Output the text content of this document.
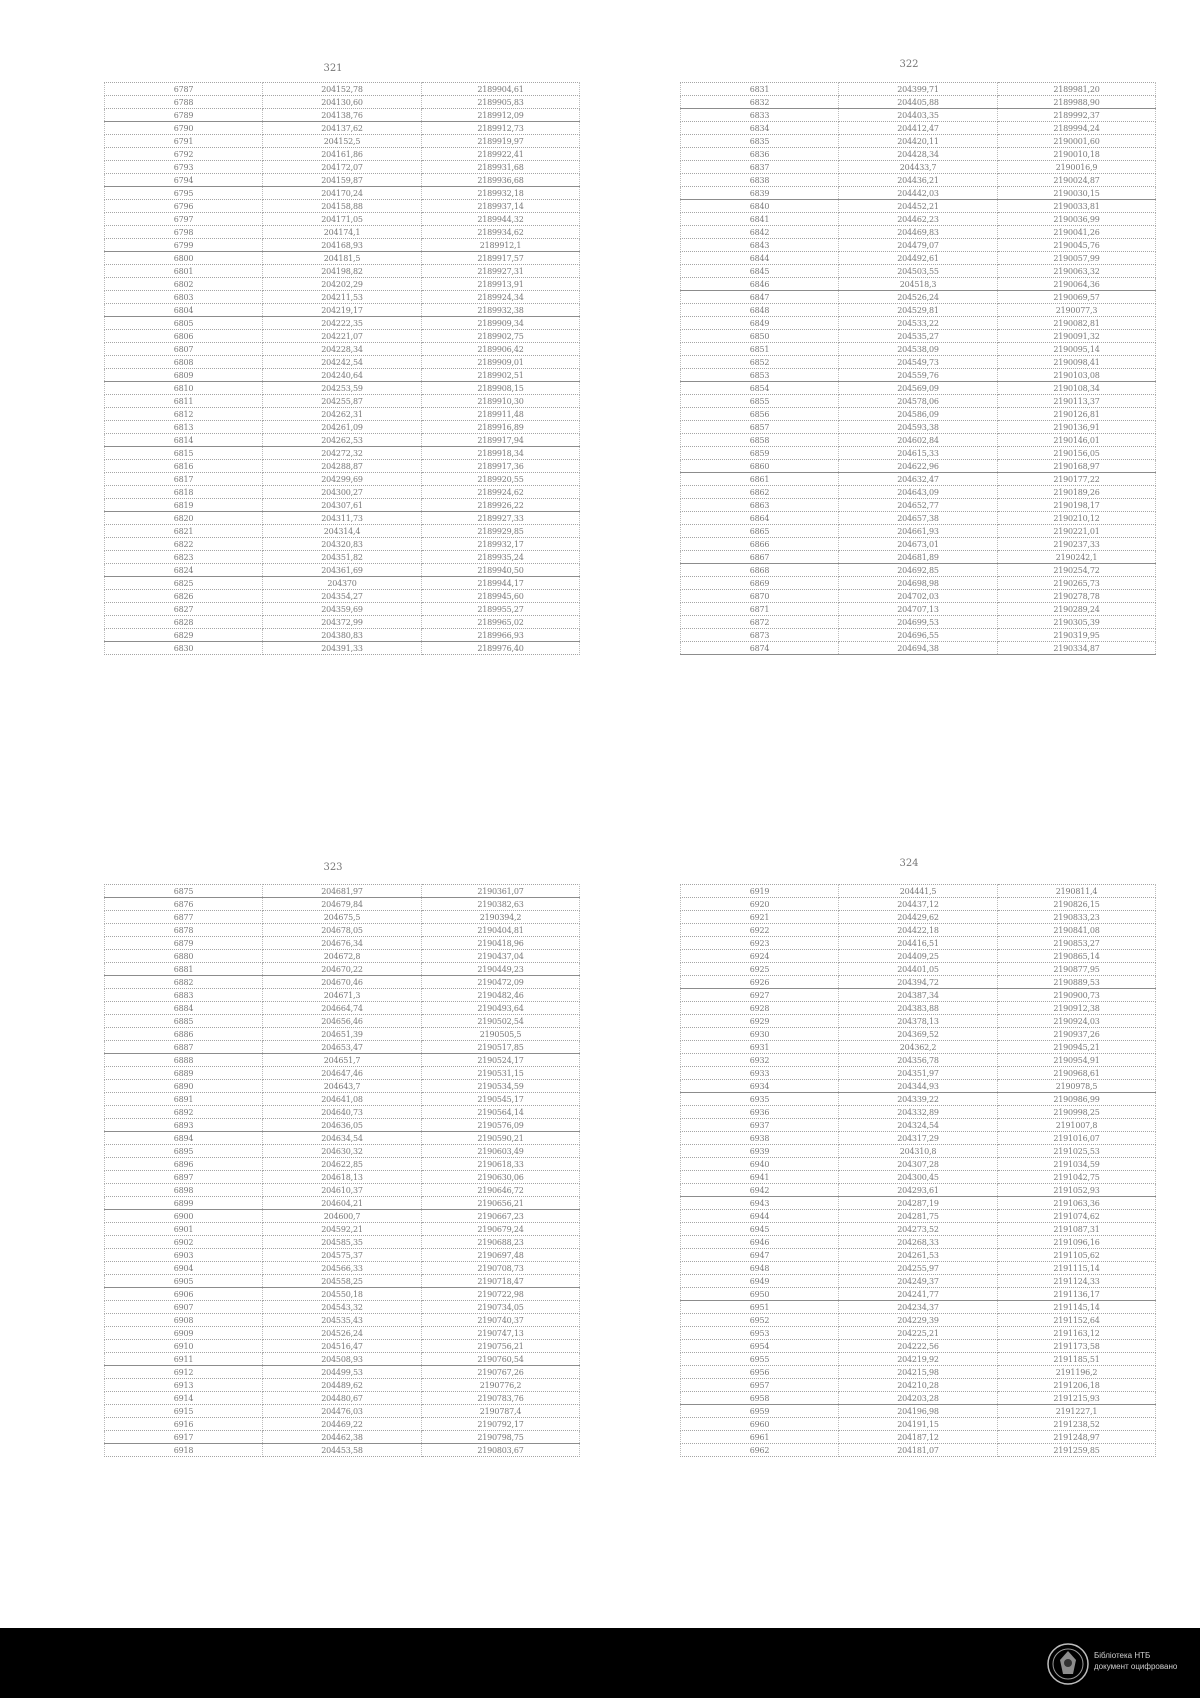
321
6787	204152,78	2189904,61
6788	204130,60	2189905,83
6789	204138,76	2189912,09
6790	204137,62	2189912,73
6791	204152,5	2189919,97
6792	204161,86	2189922,41
6793	204172,07	2189931,68
6794	204159,87	2189936,68
6795	204170,24	2189932,18
6796	204158,88	2189937,14
6797	204171,05	2189944,32
6798	204174,1	2189934,62
6799	204168,93	2189912,1
6800	204181,5	2189917,57
6801	204198,82	2189927,31
6802	204202,29	2189913,91
6803	204211,53	2189924,34
6804	204219,17	2189932,38
6805	204222,35	2189909,34
6806	204221,07	2189902,75
6807	204228,34	2189906,42
6808	204242,54	2189909,01
6809	204240,64	2189902,51
6810	204253,59	2189908,15
6811	204255,87	2189910,30
6812	204262,31	2189911,48
6813	204261,09	2189916,89
6814	204262,53	2189917,94
6815	204272,32	2189918,34
6816	204288,87	2189917,36
6817	204299,69	2189920,55
6818	204300,27	2189924,62
6819	204307,61	2189926,22
6820	204311,73	2189927,33
6821	204314,4	2189929,85
6822	204320,83	2189932,17
6823	204351,82	2189935,24
6824	204361,69	2189940,50
6825	204370	2189944,17
6826	204354,27	2189945,60
6827	204359,69	2189955,27
6828	204372,99	2189965,02
6829	204380,83	2189966,93
6830	204391,33	2189976,40
322
6831	204399,71	2189981,20
6832	204405,88	2189988,90
6833	204403,35	2189992,37
6834	204412,47	2189994,24
6835	204420,11	2190001,60
6836	204428,34	2190010,18
6837	204433,7	2190016,9
6838	204436,21	2190024,87
6839	204442,03	2190030,15
6840	204452,21	2190033,81
6841	204462,23	2190036,99
6842	204469,83	2190041,26
6843	204479,07	2190045,76
6844	204492,61	2190057,99
6845	204503,55	2190063,32
6846	204518,3	2190064,36
6847	204526,24	2190069,57
6848	204529,81	2190077,3
6849	204533,22	2190082,81
6850	204535,27	2190091,32
6851	204538,09	2190095,14
6852	204549,73	2190098,41
6853	204559,76	2190103,08
6854	204569,09	2190108,34
6855	204578,06	2190113,37
6856	204586,09	2190126,81
6857	204593,38	2190136,91
6858	204602,84	2190146,01
6859	204615,33	2190156,05
6860	204622,96	2190168,97
6861	204632,47	2190177,22
6862	204643,09	2190189,26
6863	204652,77	2190198,17
6864	204657,38	2190210,12
6865	204661,93	2190221,01
6866	204673,01	2190237,33
6867	204681,89	2190242,1
6868	204692,85	2190254,72
6869	204698,98	2190265,73
6870	204702,03	2190278,78
6871	204707,13	2190289,24
6872	204699,53	2190305,39
6873	204696,55	2190319,95
6874	204694,38	2190334,87
323
6875	204681,97	2190361,07
6876	204679,84	2190382,63
6877	204675,5	2190394,2
6878	204678,05	2190404,81
6879	204676,34	2190418,96
6880	204672,8	2190437,04
6881	204670,22	2190449,23
6882	204670,46	2190472,09
6883	204671,3	2190482,46
6884	204664,74	2190493,64
6885	204656,46	2190502,54
6886	204651,39	2190505,5
6887	204653,47	2190517,85
6888	204651,7	2190524,17
6889	204647,46	2190531,15
6890	204643,7	2190534,59
6891	204641,08	2190545,17
6892	204640,73	2190564,14
6893	204636,05	2190576,09
6894	204634,54	2190590,21
6895	204630,32	2190603,49
6896	204622,85	2190618,33
6897	204618,13	2190630,06
6898	204610,37	2190646,72
6899	204604,21	2190656,21
6900	204600,7	2190667,23
6901	204592,21	2190679,24
6902	204585,35	2190688,23
6903	204575,37	2190697,48
6904	204566,33	2190708,73
6905	204558,25	2190718,47
6906	204550,18	2190722,98
6907	204543,32	2190734,05
6908	204535,43	2190740,37
6909	204526,24	2190747,13
6910	204516,47	2190756,21
6911	204508,93	2190760,54
6912	204499,53	2190767,26
6913	204489,62	2190776,2
6914	204480,67	2190783,76
6915	204476,03	2190787,4
6916	204469,22	2190792,17
6917	204462,38	2190798,75
6918	204453,58	2190803,67
324
6919	204441,5	2190811,4
6920	204437,12	2190826,15
6921	204429,62	2190833,23
6922	204422,18	2190841,08
6923	204416,51	2190853,27
6924	204409,25	2190865,14
6925	204401,05	2190877,95
6926	204394,72	2190889,53
6927	204387,34	2190900,73
6928	204383,88	2190912,38
6929	204378,13	2190924,03
6930	204369,52	2190937,26
6931	204362,2	2190945,21
6932	204356,78	2190954,91
6933	204351,97	2190968,61
6934	204344,93	2190978,5
6935	204339,22	2190986,99
6936	204332,89	2190998,25
6937	204324,54	2191007,8
6938	204317,29	2191016,07
6939	204310,8	2191025,53
6940	204307,28	2191034,59
6941	204300,45	2191042,75
6942	204293,61	2191052,93
6943	204287,19	2191063,36
6944	204281,75	2191074,62
6945	204273,52	2191087,31
6946	204268,33	2191096,16
6947	204261,53	2191105,62
6948	204255,97	2191115,14
6949	204249,37	2191124,33
6950	204241,77	2191136,17
6951	204234,37	2191145,14
6952	204229,39	2191152,64
6953	204225,21	2191163,12
6954	204222,56	2191173,58
6955	204219,92	2191185,51
6956	204215,98	2191196,2
6957	204210,28	2191206,18
6958	204203,28	2191215,93
6959	204196,98	2191227,1
6960	204191,15	2191238,52
6961	204187,12	2191248,97
6962	204181,07	2191259,85
Бібліотека НТБ
документ оцифровано
